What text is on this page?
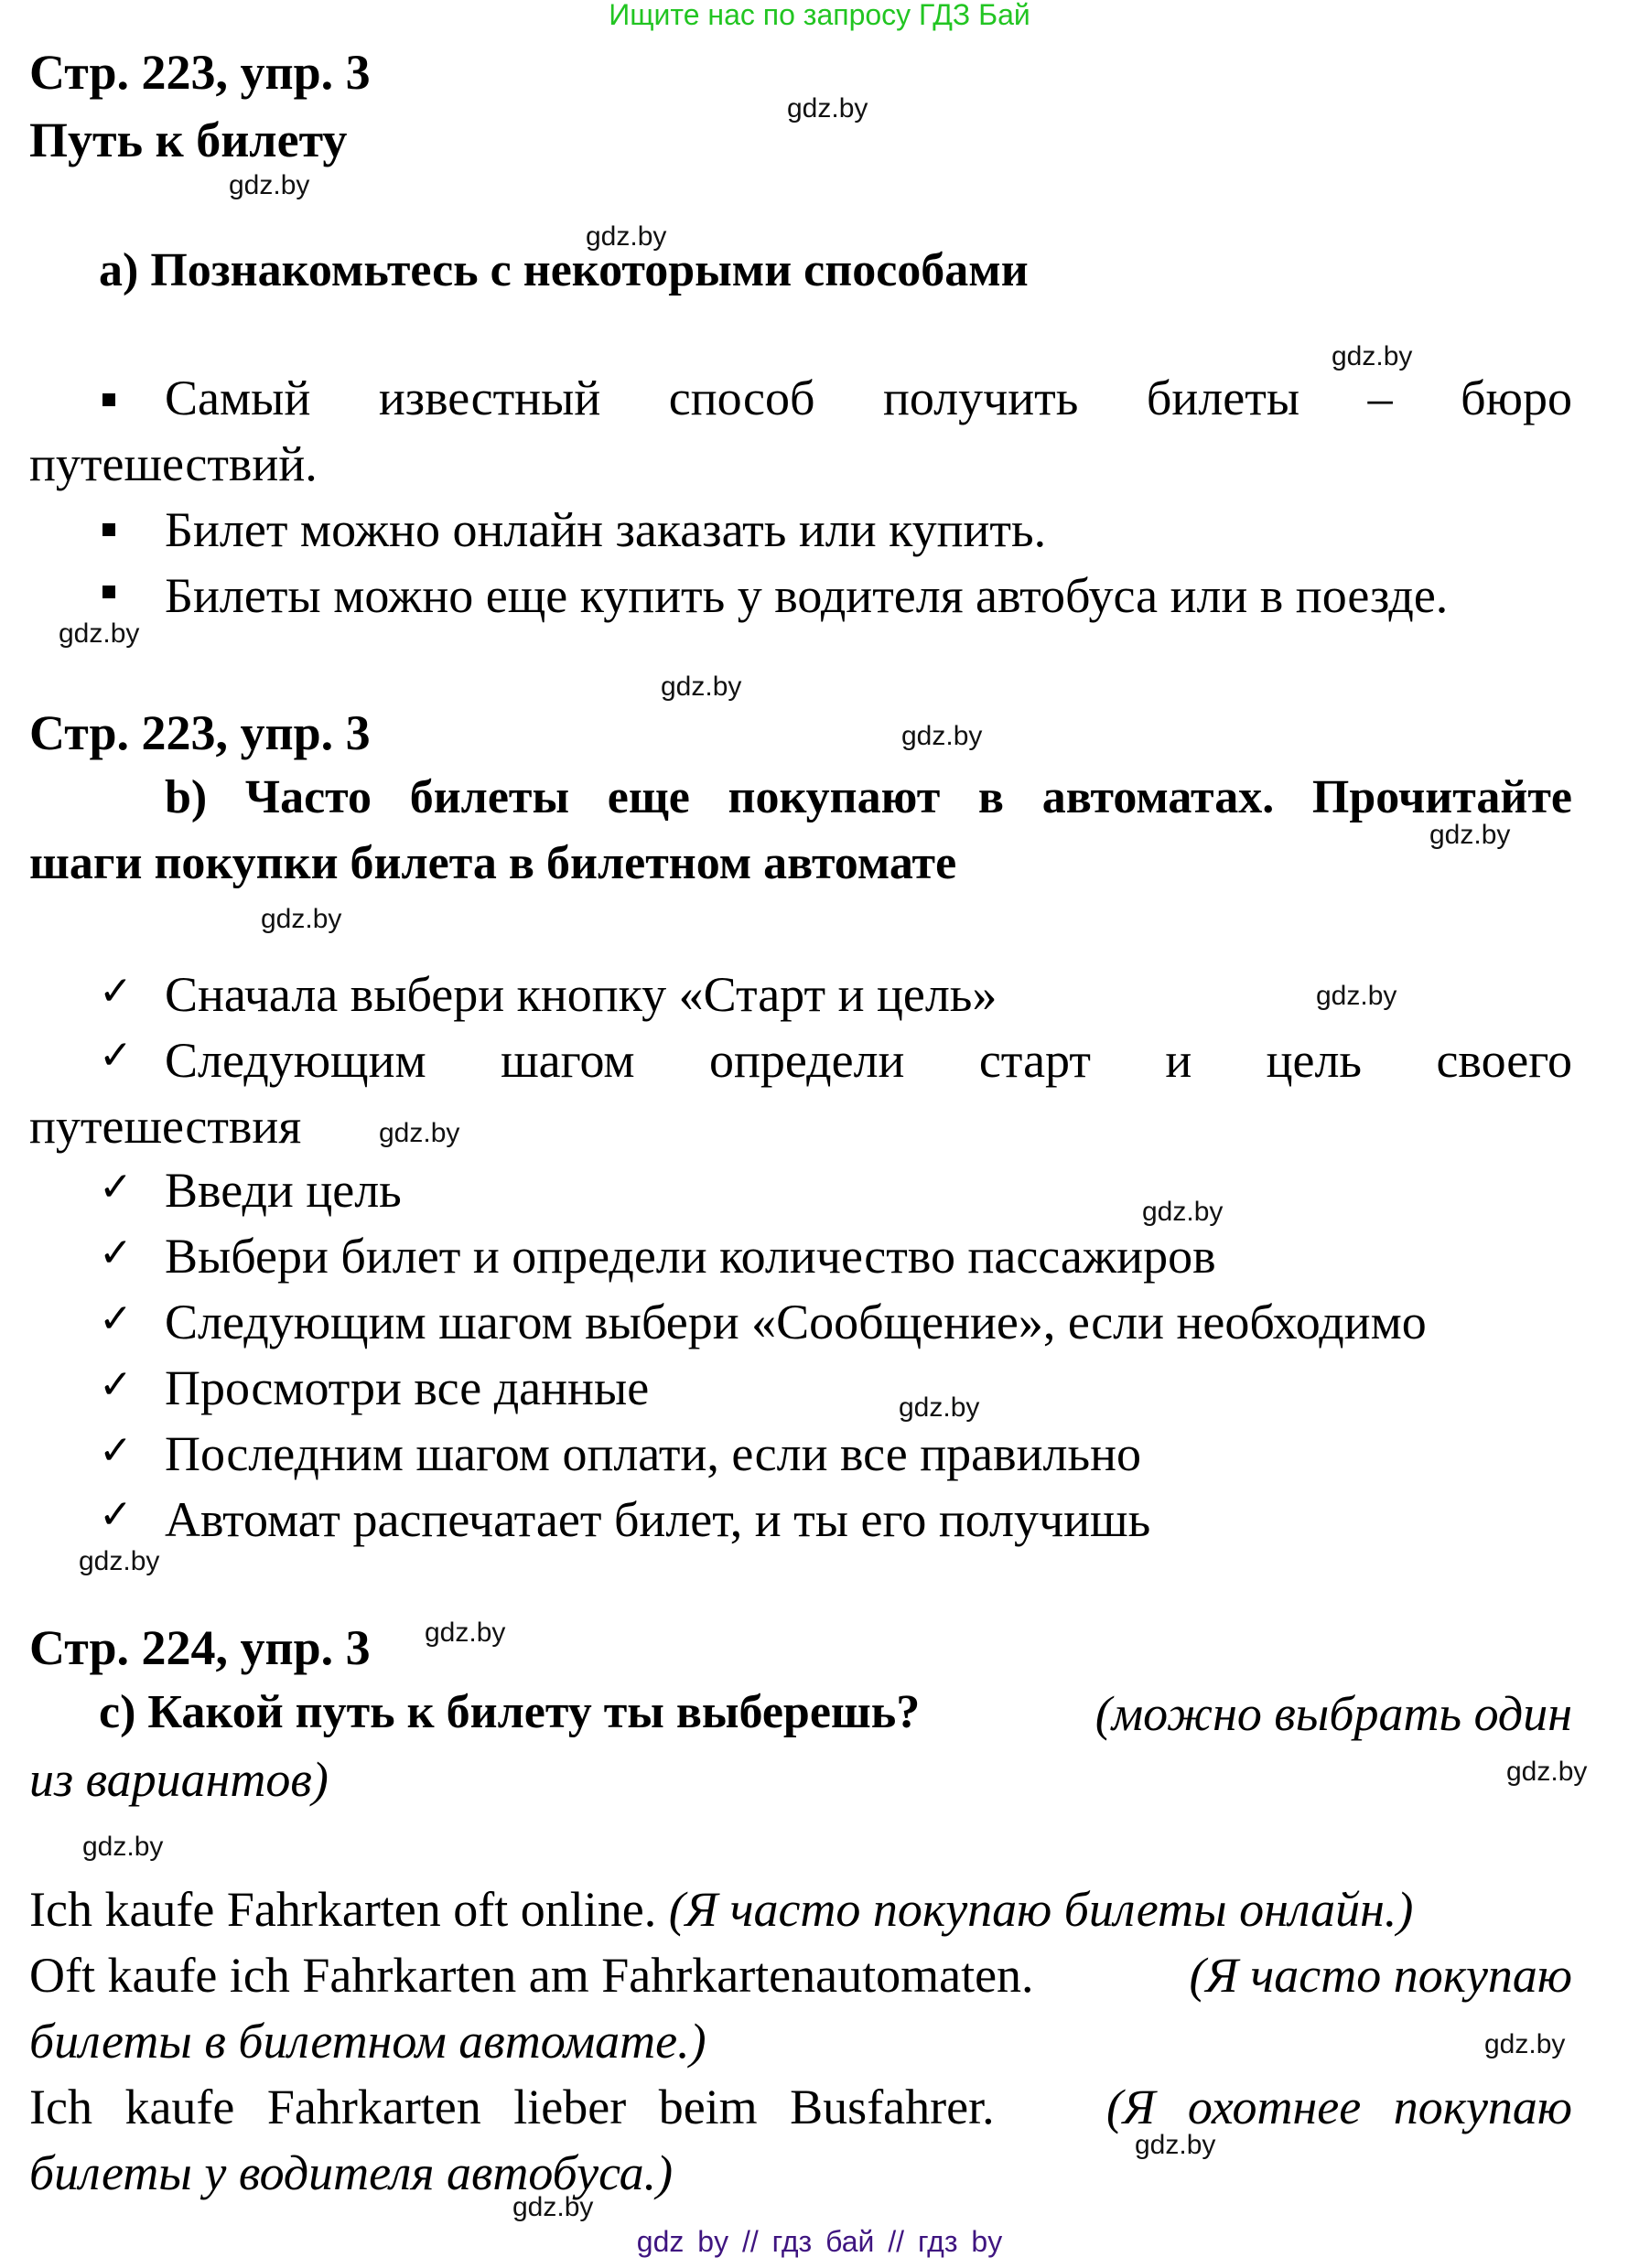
Ищите нас по запросу ГДЗ Бай
Стр. 223, упр. 3
gdz.by
Путь к билету
gdz.by
gdz.by
a) Познакомьтесь с некоторыми способами
gdz.by
Самый известный способ получить билеты – бюро
путешествий.
Билет можно онлайн заказать или купить.
Билеты можно еще купить у водителя автобуса или в поезде.
gdz.by
gdz.by
Стр. 223, упр. 3	gdz.by
b) Часто билеты еще покупают в автоматах. Прочитайте
gdz.by
шаги покупки билета в билетном автомате
gdz.by
✓ Сначала выбери кнопку «Старт и цель»	gdz.by
✓ Следующим шагом определи старт и цель своего
путешествия	gdz.by
✓ Введи цель	gdz.by
✓ Выбери билет и определи количество пассажиров
✓ Следующим шагом выбери «Сообщение», если необходимо
✓ Просмотри все данные	gdz.by
✓ Последним шагом оплати, если все правильно
✓ Автомат распечатает билет, и ты его получишь
gdz.by
Стр. 224, упр. 3 gdz.by
c) Какой путь к билету ты выберешь?	(можно выбрать один
из вариантов)	gdz.by
gdz.by
Ich kaufe Fahrkarten oft online. (Я часто покупаю билеты онлайн.)
Oft kaufe ich Fahrkarten am Fahrkartenautomaten.	(Я часто покупаю
билеты в билетном автомате.)	gdz.by
Ich kaufe Fahrkarten lieber beim Busfahrer. (Я охотнее покупаю
gdz.by
билеты у водителя автобуса.)
gdz.by
gdz by // гдз бай // гдз by
